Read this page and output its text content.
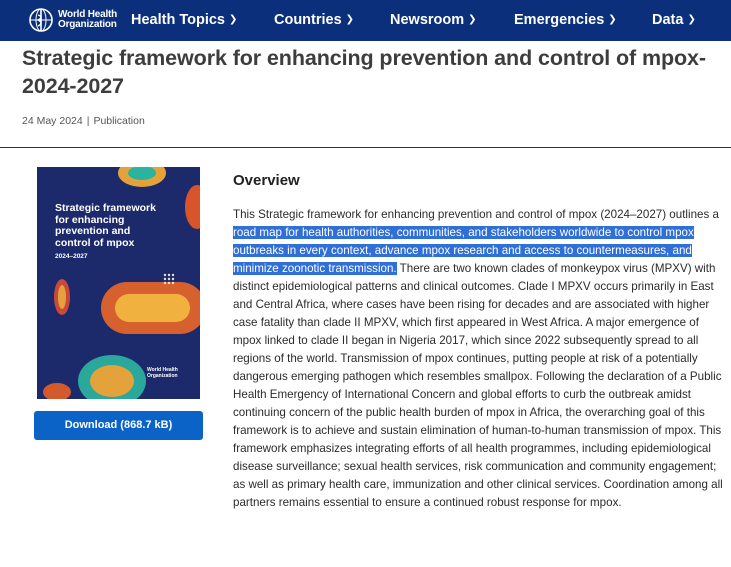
World Health
Organization Health Topics ❯	Countries ❯ Newsroom ❯	Emergencies ❯ Data ❯
Strategic framework for enhancing prevention and control of mpox- 2024-2027
24 May 2024 | Publication
Strategic framework
for enhancing
prevention and
control of mpox
2024–2027
World Health
Organization
Download (868.7 kB)
Overview

This Strategic framework for enhancing prevention and control of mpox (2024–2027) outlines a road map for health authorities, communities, and stakeholders worldwide to control mpox outbreaks in every context, advance mpox research and access to countermeasures, and minimize zoonotic transmission. There are two known clades of monkeypox virus (MPXV) with distinct epidemiological patterns and clinical outcomes. Clade I MPXV occurs primarily in East and Central Africa, where cases have been rising for decades and are associated with higher case fatality than clade II MPXV, which first appeared in West Africa. A major emergence of mpox linked to clade II began in Nigeria 2017, which since 2022 subsequently spread to all regions of the world. Transmission of mpox continues, putting people at risk of a potentially dangerous emerging pathogen which resembles smallpox. Following the declaration of a Public Health Emergency of International Concern and global efforts to curb the outbreak amidst continuing concern of the public health burden of mpox in Africa, the overarching goal of this framework is to achieve and sustain elimination of human-to-human transmission of mpox. This framework emphasizes integrating efforts of all health programmes, including epidemiological disease surveillance; sexual health services, risk communication and community engagement; as well as primary health care, immunization and other clinical services. Coordination among all partners remains essential to ensure a continued robust response for mpox.
